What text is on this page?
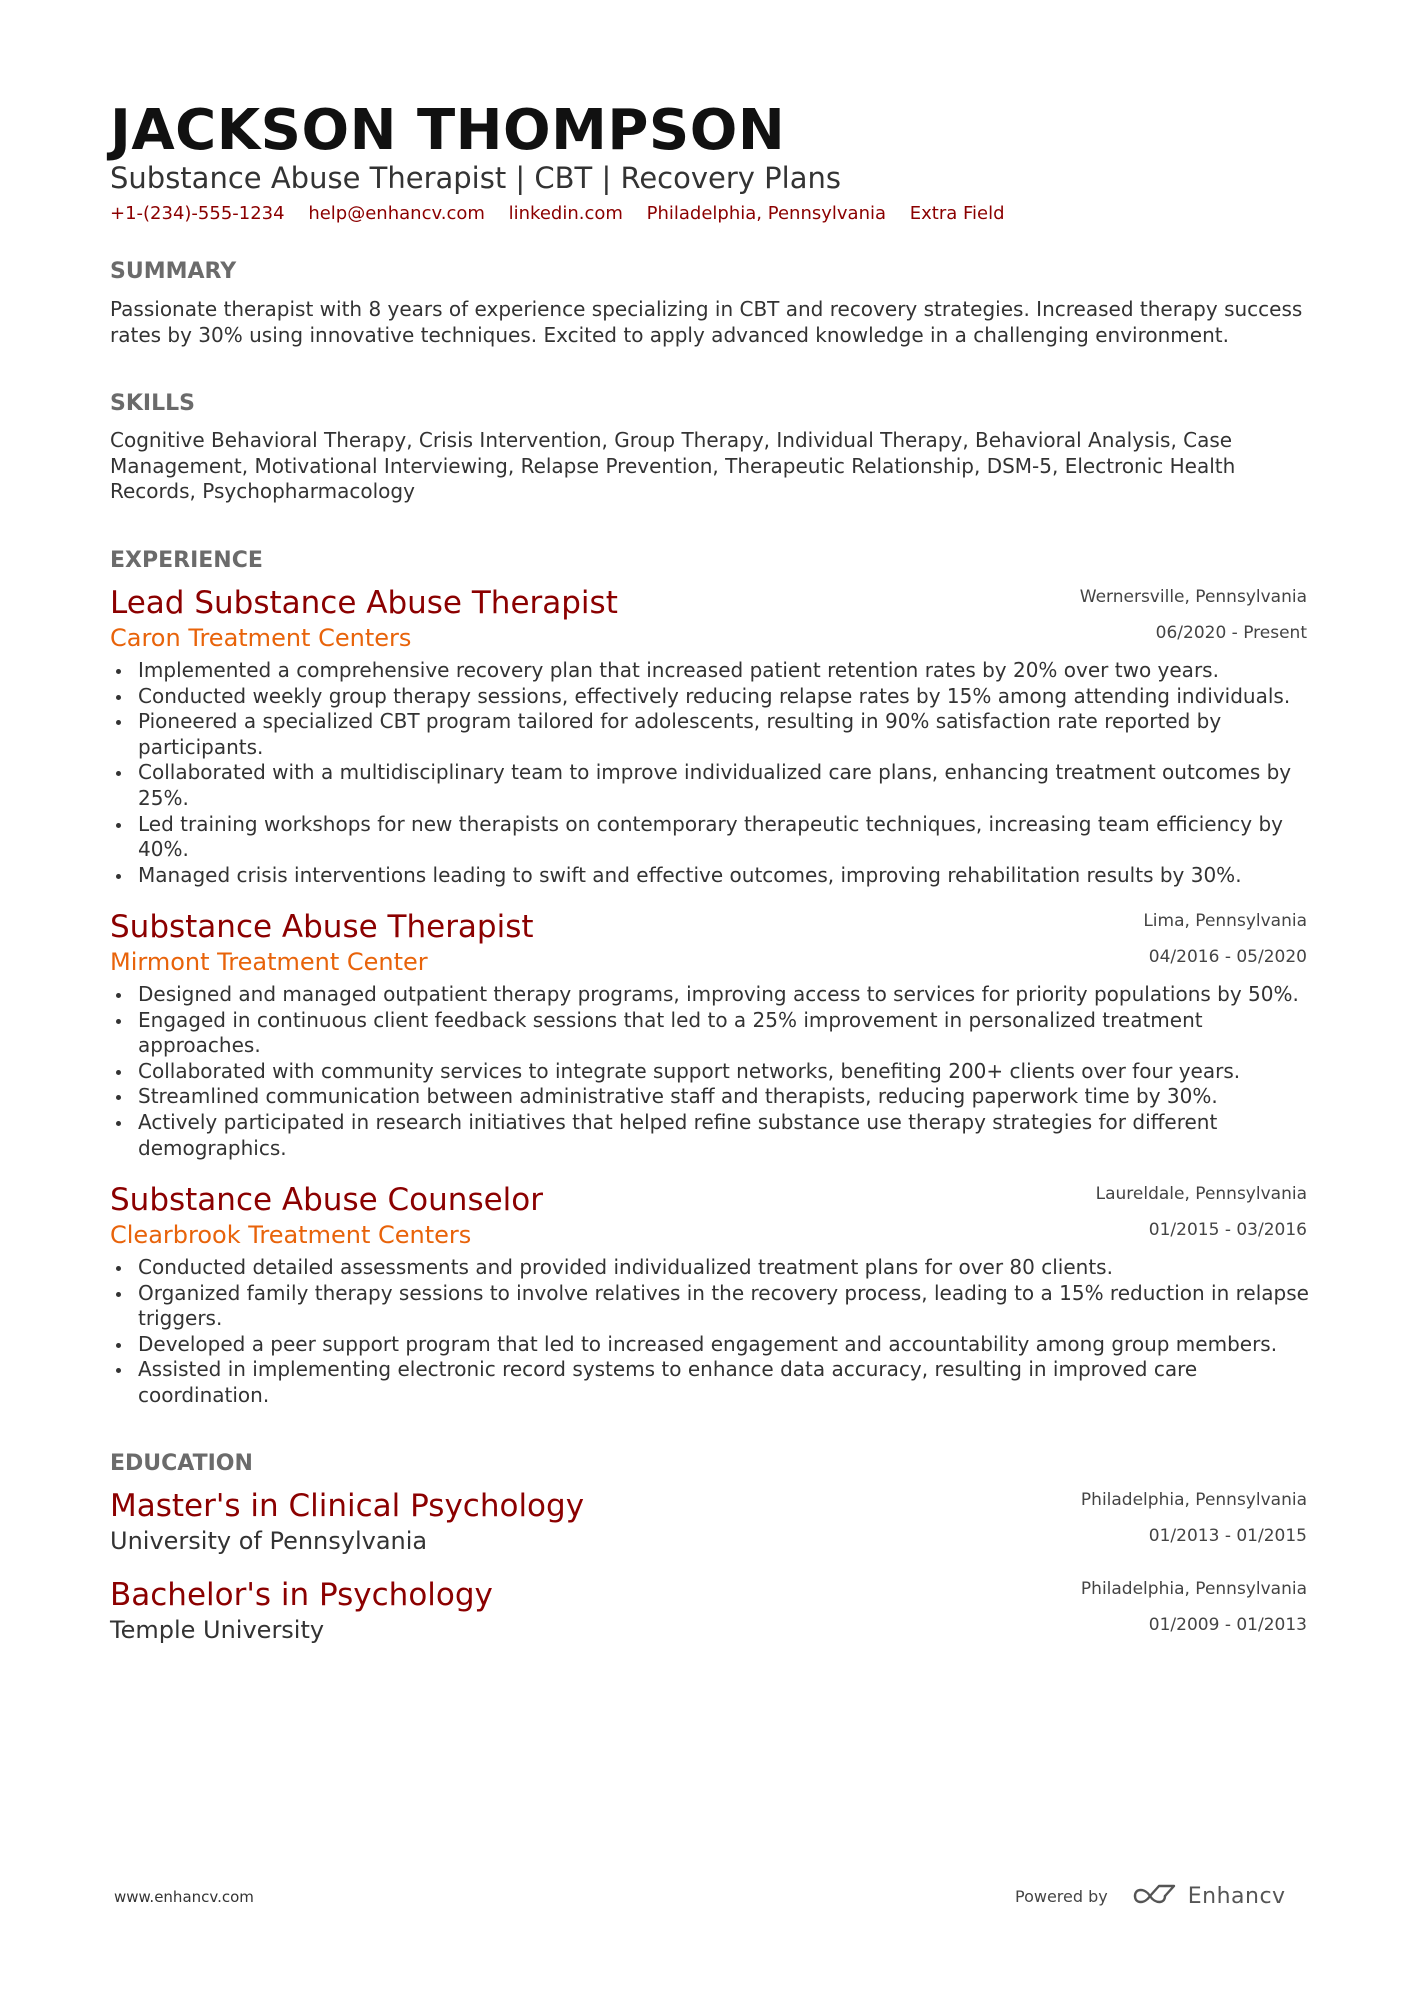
JACKSON THOMPSON
Substance Abuse Therapist | CBT | Recovery Plans
+1-(234)-555-1234 help@enhancv.com linkedin.com Philadelphia, Pennsylvania Extra Field
SUMMARY
Passionate therapist with 8 years of experience specializing in CBT and recovery strategies. Increased therapy success rates by 30% using innovative techniques. Excited to apply advanced knowledge in a challenging environment.
SKILLS
Cognitive Behavioral Therapy, Crisis Intervention, Group Therapy, Individual Therapy, Behavioral Analysis, Case Management, Motivational Interviewing, Relapse Prevention, Therapeutic Relationship, DSM-5, Electronic Health Records, Psychopharmacology
EXPERIENCE
Lead Substance Abuse Therapist	Wernersville, Pennsylvania
Caron Treatment Centers	06/2020 - Present
Implemented a comprehensive recovery plan that increased patient retention rates by 20% over two years.
Conducted weekly group therapy sessions, effectively reducing relapse rates by 15% among attending individuals.
Pioneered a specialized CBT program tailored for adolescents, resulting in 90% satisfaction rate reported by participants.
Collaborated with a multidisciplinary team to improve individualized care plans, enhancing treatment outcomes by 25%.
Led training workshops for new therapists on contemporary therapeutic techniques, increasing team efficiency by 40%.
Managed crisis interventions leading to swift and effective outcomes, improving rehabilitation results by 30%.
Substance Abuse Therapist	Lima, Pennsylvania
Mirmont Treatment Center	04/2016 - 05/2020
Designed and managed outpatient therapy programs, improving access to services for priority populations by 50%.
Engaged in continuous client feedback sessions that led to a 25% improvement in personalized treatment approaches.
Collaborated with community services to integrate support networks, benefiting 200+ clients over four years.
Streamlined communication between administrative staff and therapists, reducing paperwork time by 30%.
Actively participated in research initiatives that helped refine substance use therapy strategies for different demographics.
Substance Abuse Counselor	Laureldale, Pennsylvania
Clearbrook Treatment Centers	01/2015 - 03/2016
Conducted detailed assessments and provided individualized treatment plans for over 80 clients.
Organized family therapy sessions to involve relatives in the recovery process, leading to a 15% reduction in relapse triggers.
Developed a peer support program that led to increased engagement and accountability among group members.
Assisted in implementing electronic record systems to enhance data accuracy, resulting in improved care coordination.
EDUCATION
Master's in Clinical Psychology	Philadelphia, Pennsylvania
University of Pennsylvania	01/2013 - 01/2015
Bachelor's in Psychology	Philadelphia, Pennsylvania
Temple University	01/2009 - 01/2013
www.enhancv.com	Powered by	Enhancv
